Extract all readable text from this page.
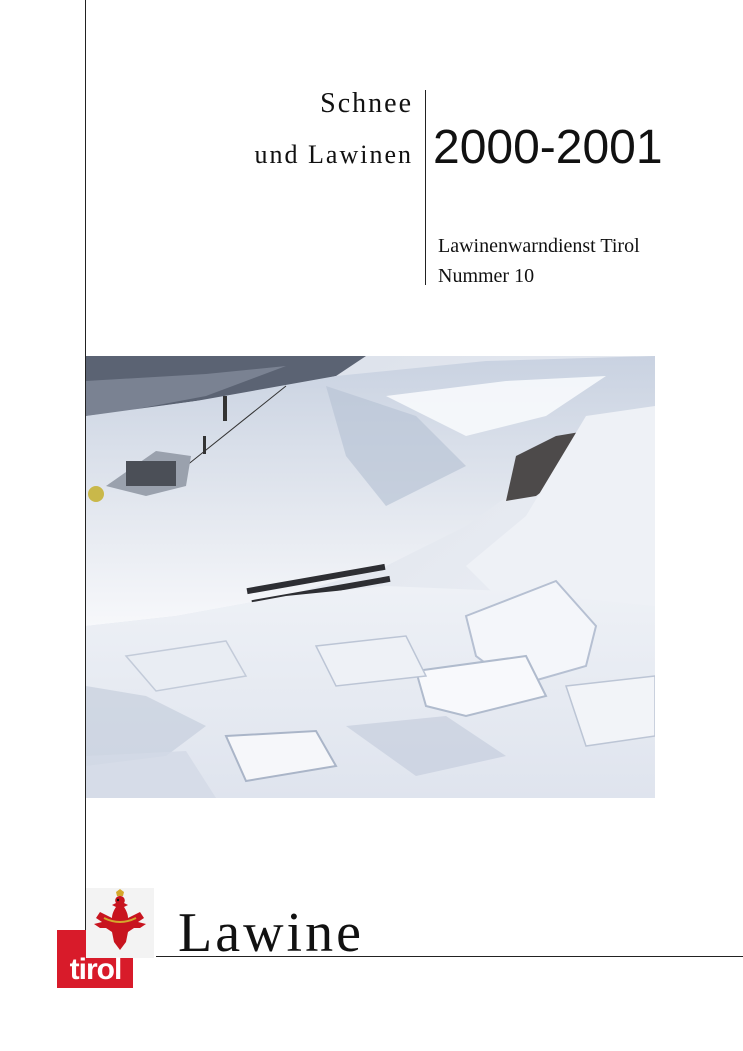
Schnee
und Lawinen 2000-2001
Lawinenwarndienst Tirol
Nummer 10
Lawine
tirol
